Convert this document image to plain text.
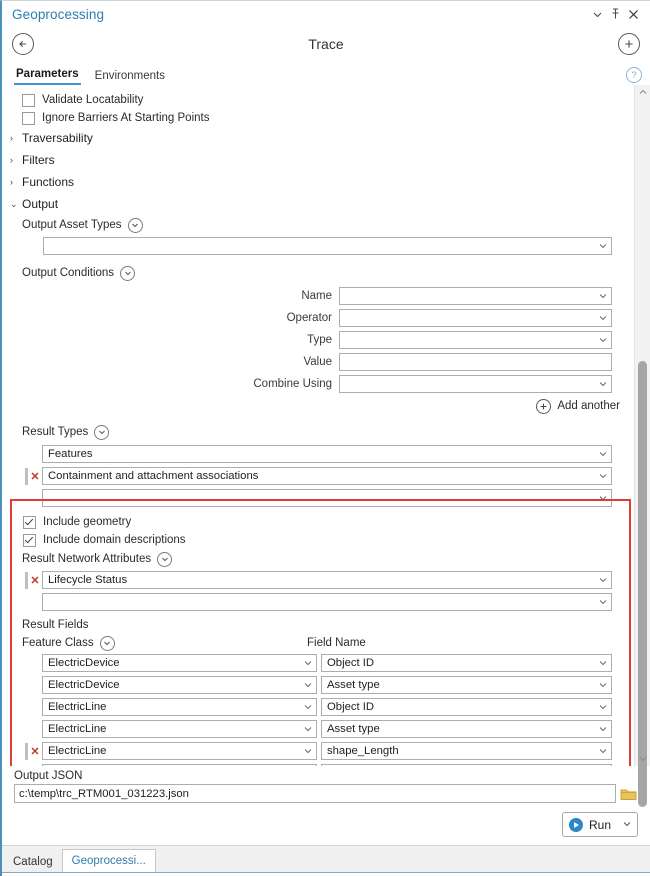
Geoprocessing
Trace
Parameters Environments	?
Validate Locatability
Ignore Barriers At Starting Points
› Traversability
› Filters
› Functions
⌄ Output
Output Asset Types
Output Conditions
Name
Operator
Type
Value
Combine Using
Add another
Result Types
Features
✕ Containment and attachment associations
Include geometry
Include domain descriptions
Result Network Attributes
✕ Lifecycle Status
Result Fields
Feature Class	Field Name
ElectricDevice	Object ID
ElectricDevice	Asset type
ElectricLine	Object ID
ElectricLine	Asset type
✕ ElectricLine	shape_Length
Output JSON
c:\temp\trc_RTM001_031223.json
Run
Catalog	Geoprocessi...
